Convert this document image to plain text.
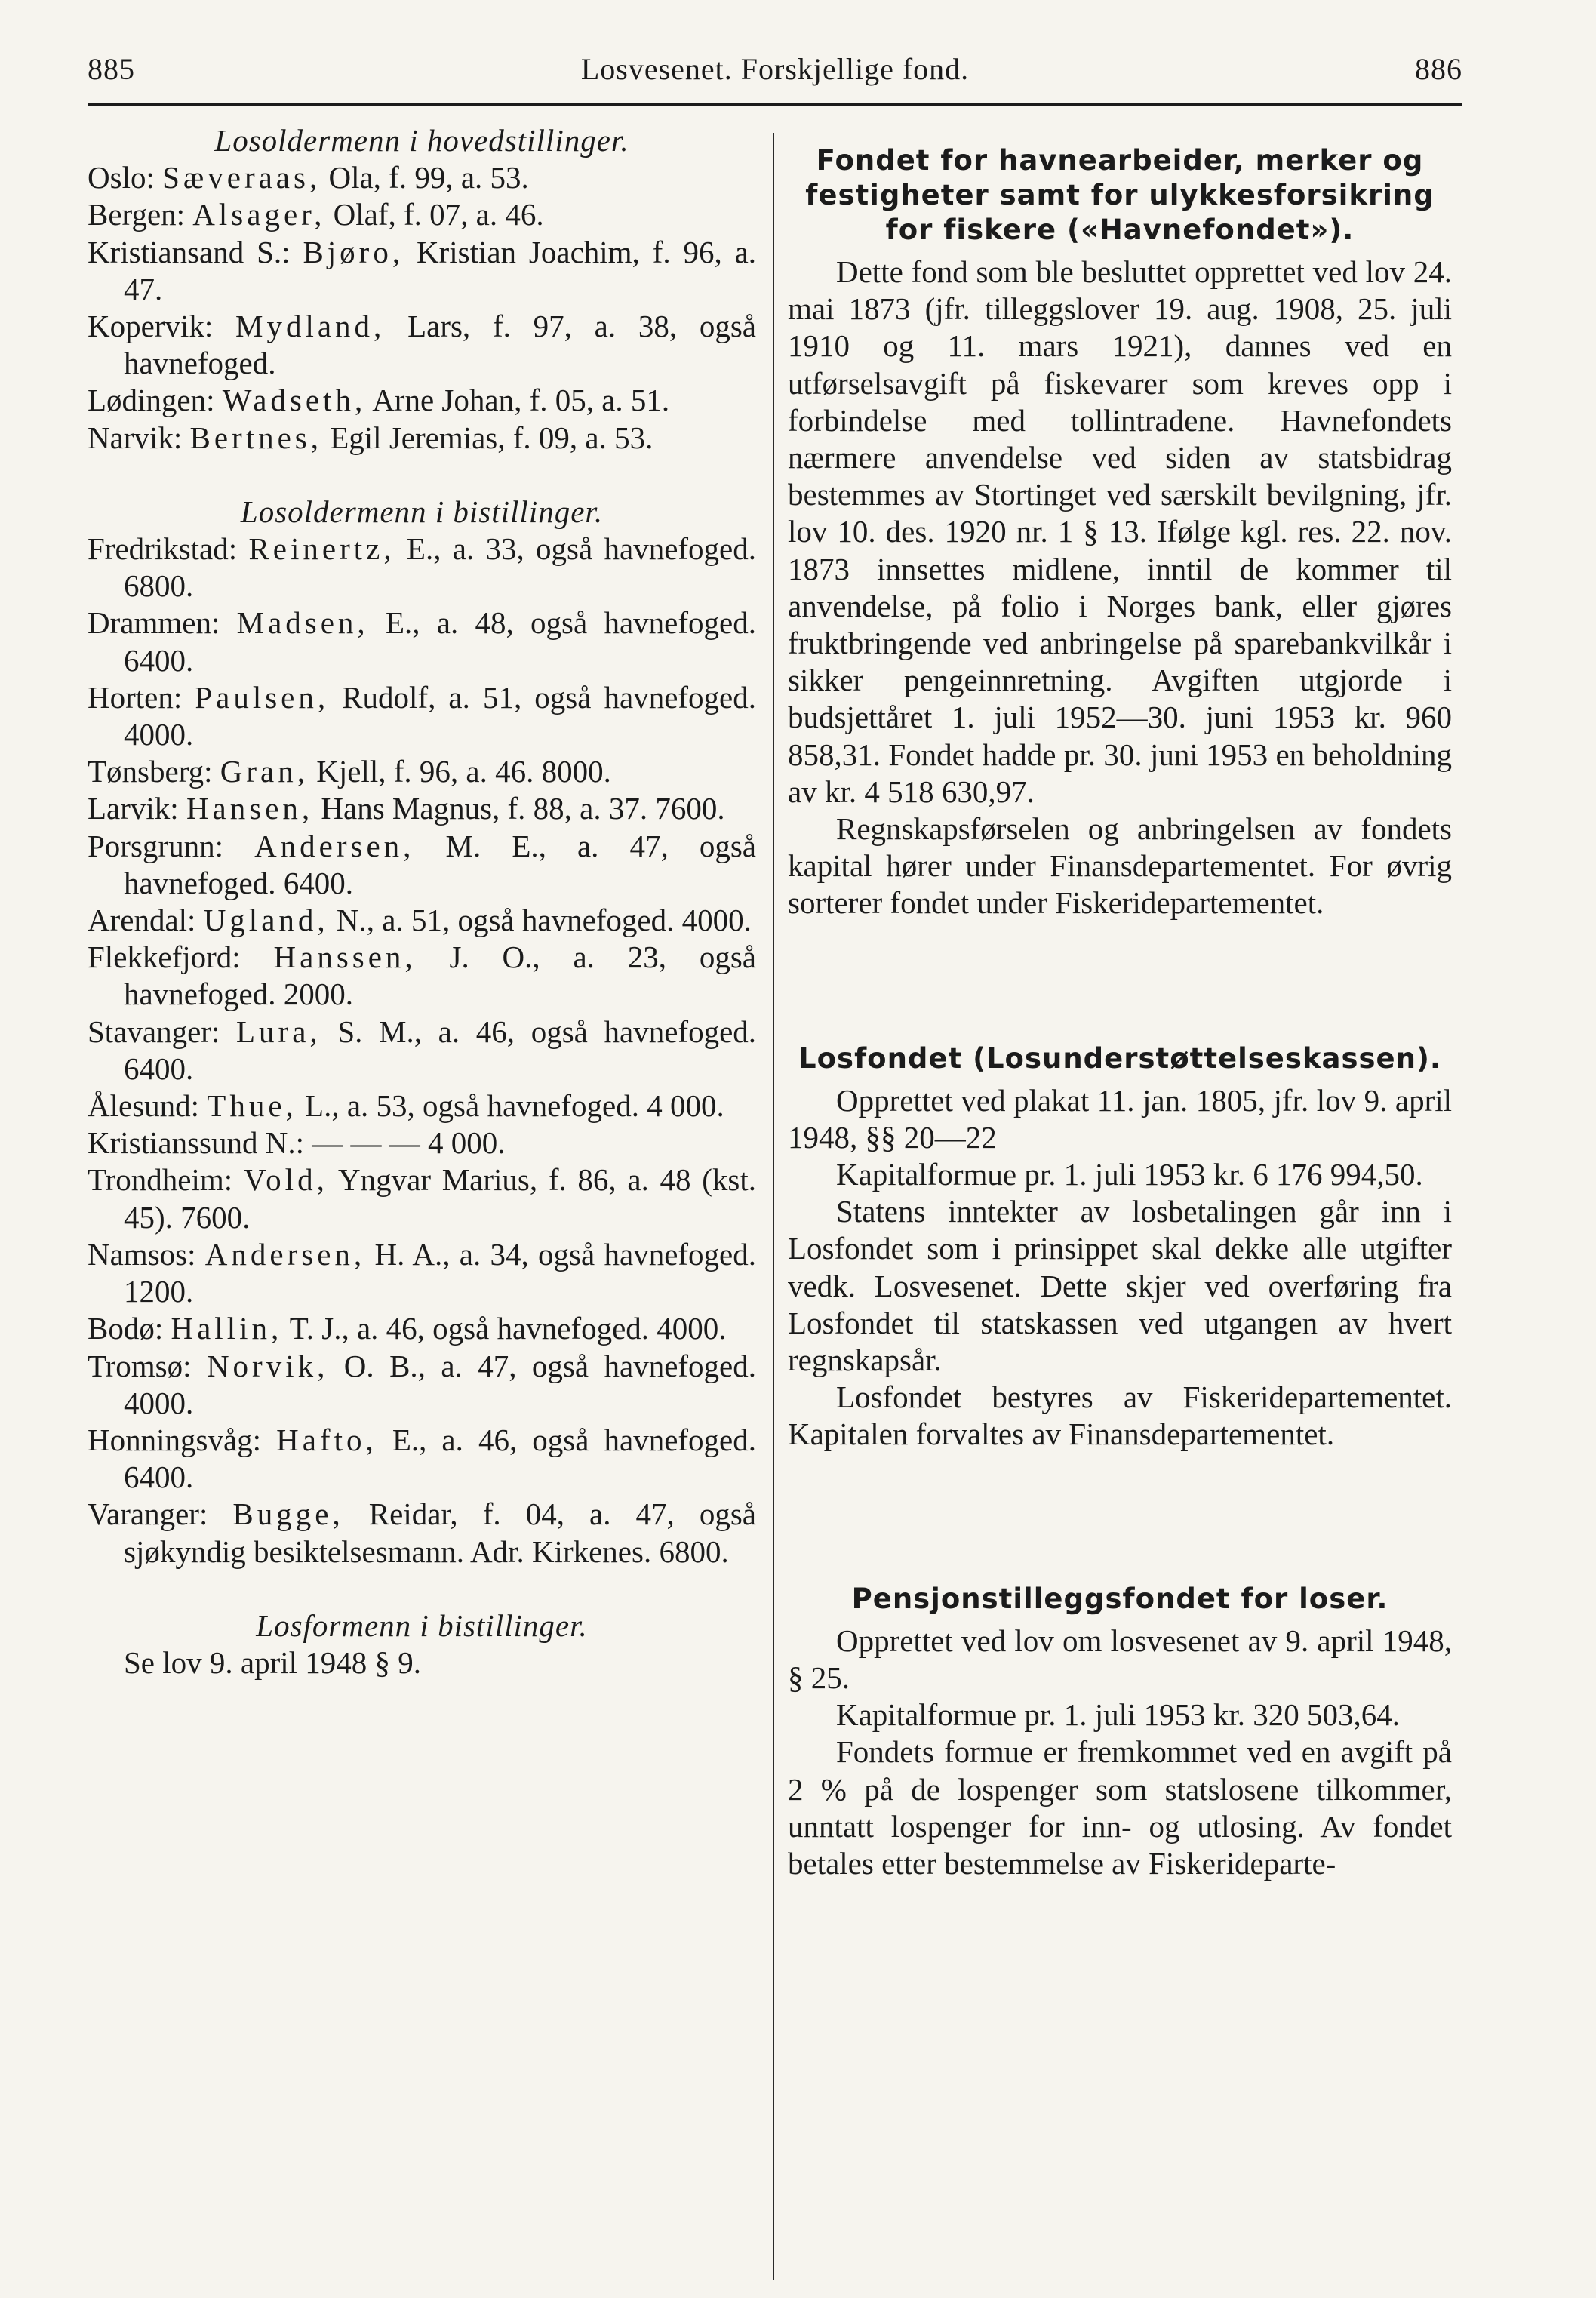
885	Losvesenet. Forskjellige fond.	886
Losoldermenn i hovedstillinger.
Oslo: Sæveraas, Ola, f. 99, a. 53.
Bergen: Alsager, Olaf, f. 07, a. 46.
Kristiansand S.: Bjøro, Kristian Joachim, f. 96, a. 47.
Kopervik: Mydland, Lars, f. 97, a. 38, også havnefoged.
Lødingen: Wadseth, Arne Johan, f. 05, a. 51.
Narvik: Bertnes, Egil Jeremias, f. 09, a. 53.
Losoldermenn i bistillinger.
Fredrikstad: Reinertz, E., a. 33, også havnefoged. 6800.
Drammen: Madsen, E., a. 48, også havnefoged. 6400.
Horten: Paulsen, Rudolf, a. 51, også havnefoged. 4000.
Tønsberg: Gran, Kjell, f. 96, a. 46. 8000.
Larvik: Hansen, Hans Magnus, f. 88, a. 37. 7600.
Porsgrunn: Andersen, M. E., a. 47, også havnefoged. 6400.
Arendal: Ugland, N., a. 51, også havnefoged. 4000.
Flekkefjord: Hanssen, J. O., a. 23, også havnefoged. 2000.
Stavanger: Lura, S. M., a. 46, også havnefoged. 6400.
Ålesund: Thue, L., a. 53, også havnefoged. 4 000.
Kristianssund N.: — — — 4 000.
Trondheim: Vold, Yngvar Marius, f. 86, a. 48 (kst. 45). 7600.
Namsos: Andersen, H. A., a. 34, også havnefoged. 1200.
Bodø: Hallin, T. J., a. 46, også havnefoged. 4000.
Tromsø: Norvik, O. B., a. 47, også havnefoged. 4000.
Honningsvåg: Hafto, E., a. 46, også havnefoged. 6400.
Varanger: Bugge, Reidar, f. 04, a. 47, også sjøkyndig besiktelsesmann. Adr. Kirkenes. 6800.
Losformenn i bistillinger.
Se lov 9. april 1948 § 9.
Fondet for havnearbeider, merker og festigheter samt for ulykkesforsikring for fiskere («Havnefondet»).
Dette fond som ble besluttet opprettet ved lov 24. mai 1873 (jfr. tilleggslover 19. aug. 1908, 25. juli 1910 og 11. mars 1921), dannes ved en utførselsavgift på fiskevarer som kreves opp i forbindelse med tollintradene. Havnefondets nærmere anvendelse ved siden av statsbidrag bestemmes av Stortinget ved særskilt bevilgning, jfr. lov 10. des. 1920 nr. 1 § 13. Ifølge kgl. res. 22. nov. 1873 innsettes midlene, inntil de kommer til anvendelse, på folio i Norges bank, eller gjøres fruktbringende ved anbringelse på sparebankvilkår i sikker pengeinnretning. Avgiften utgjorde i budsjettåret 1. juli 1952—30. juni 1953 kr. 960 858,31. Fondet hadde pr. 30. juni 1953 en beholdning av kr. 4 518 630,97.
Regnskapsførselen og anbringelsen av fondets kapital hører under Finansdepartementet. For øvrig sorterer fondet under Fiskeridepartementet.
Losfondet (Losunderstøttelseskassen).
Opprettet ved plakat 11. jan. 1805, jfr. lov 9. april 1948, §§ 20—22
Kapitalformue pr. 1. juli 1953 kr. 6 176 994,50.
Statens inntekter av losbetalingen går inn i Losfondet som i prinsippet skal dekke alle utgifter vedk. Losvesenet. Dette skjer ved overføring fra Losfondet til statskassen ved utgangen av hvert regnskapsår.
Losfondet bestyres av Fiskeridepartementet. Kapitalen forvaltes av Finansdepartementet.
Pensjonstilleggsfondet for loser.
Opprettet ved lov om losvesenet av 9. april 1948, § 25.
Kapitalformue pr. 1. juli 1953 kr. 320 503,64.
Fondets formue er fremkommet ved en avgift på 2 % på de lospenger som statslosene tilkommer, unntatt lospenger for inn- og utlosing. Av fondet betales etter bestemmelse av Fiskerideparte-
